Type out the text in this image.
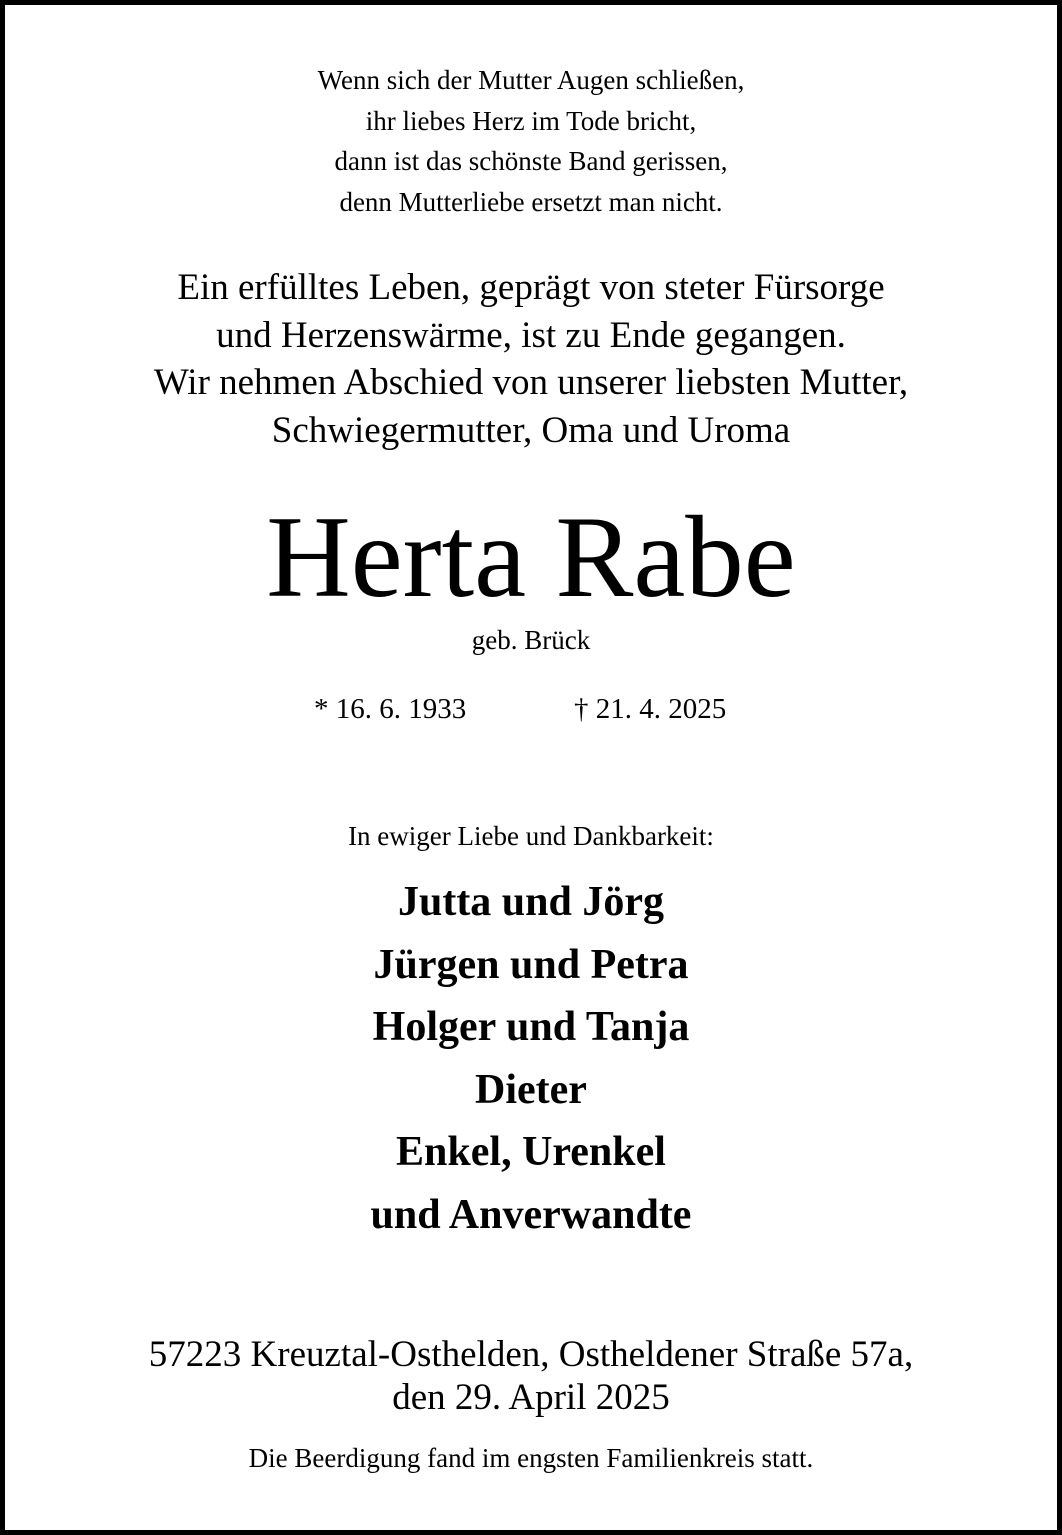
Wenn sich der Mutter Augen schließen,
ihr liebes Herz im Tode bricht,
dann ist das schönste Band gerissen,
denn Mutterliebe ersetzt man nicht.
Ein erfülltes Leben, geprägt von steter Fürsorge
und Herzenswärme, ist zu Ende gegangen.
Wir nehmen Abschied von unserer liebsten Mutter,
Schwiegermutter, Oma und Uroma
Herta Rabe
geb. Brück
* 16. 6. 1933	† 21. 4. 2025
In ewiger Liebe und Dankbarkeit:
Jutta und Jörg
Jürgen und Petra
Holger und Tanja
Dieter
Enkel, Urenkel
und Anverwandte
57223 Kreuztal-Osthelden, Ostheldener Straße 57a,
den 29. April 2025
Die Beerdigung fand im engsten Familienkreis statt.
